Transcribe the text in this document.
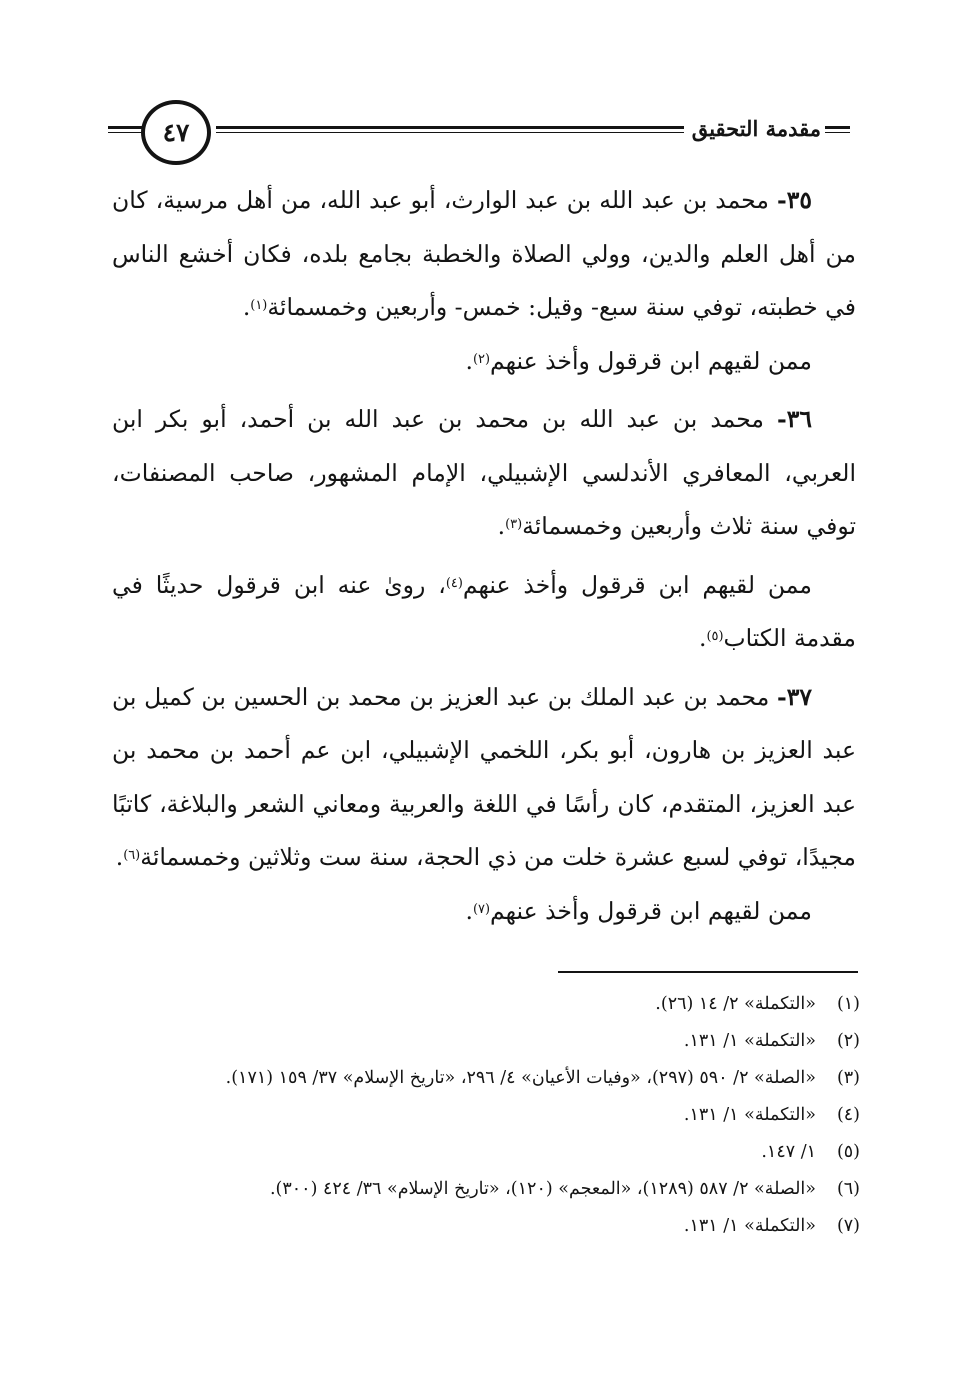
مقدمة التحقيق
٤٧

٣٥- محمد بن عبد الله بن عبد الوارث، أبو عبد الله، من أهل مرسية، كان من أهل العلم والدين، وولي الصلاة والخطبة بجامع بلده، فكان أخشع الناس في خطبته، توفي سنة سبع- وقيل: خمس- وأربعين وخمسمائة$^{(١)}$.

ممن لقيهم ابن قرقول وأخذ عنهم$^{(٢)}$.

٣٦- محمد بن عبد الله بن محمد بن عبد الله بن أحمد، أبو بكر ابن العربي، المعافري الأندلسي الإشبيلي، الإمام المشهور، صاحب المصنفات، توفي سنة ثلاث وأربعين وخمسمائة$^{(٣)}$.

ممن لقيهم ابن قرقول وأخذ عنهم$^{(٤)}$، روىٰ عنه ابن قرقول حديثًا في مقدمة الكتاب$^{(٥)}$.

٣٧- محمد بن عبد الملك بن عبد العزيز بن محمد بن الحسين بن كميل بن عبد العزيز بن هارون، أبو بكر، اللخمي الإشبيلي، ابن عم أحمد بن محمد بن عبد العزيز، المتقدم، كان رأسًا في اللغة والعربية ومعاني الشعر والبلاغة، كاتبًا مجيدًا، توفي لسبع عشرة خلت من ذي الحجة، سنة ست وثلاثين وخمسمائة$^{(٦)}$.

ممن لقيهم ابن قرقول وأخذ عنهم$^{(٧)}$.

(١)
«التكملة» ٢/ ١٤ (٢٦).
(٢)
«التكملة» ١/ ١٣١.
(٣)
«الصلة» ٢/ ٥٩٠ (٢٩٧)، «وفيات الأعيان» ٤/ ٢٩٦، «تاريخ الإسلام» ٣٧/ ١٥٩ (١٧١).
(٤)
«التكملة» ١/ ١٣١.
(٥)
١/ ١٤٧.
(٦)
«الصلة» ٢/ ٥٨٧ (١٢٨٩)، «المعجم» (١٢٠)، «تاريخ الإسلام» ٣٦/ ٤٢٤ (٣٠٠).
(٧)
«التكملة» ١/ ١٣١.
